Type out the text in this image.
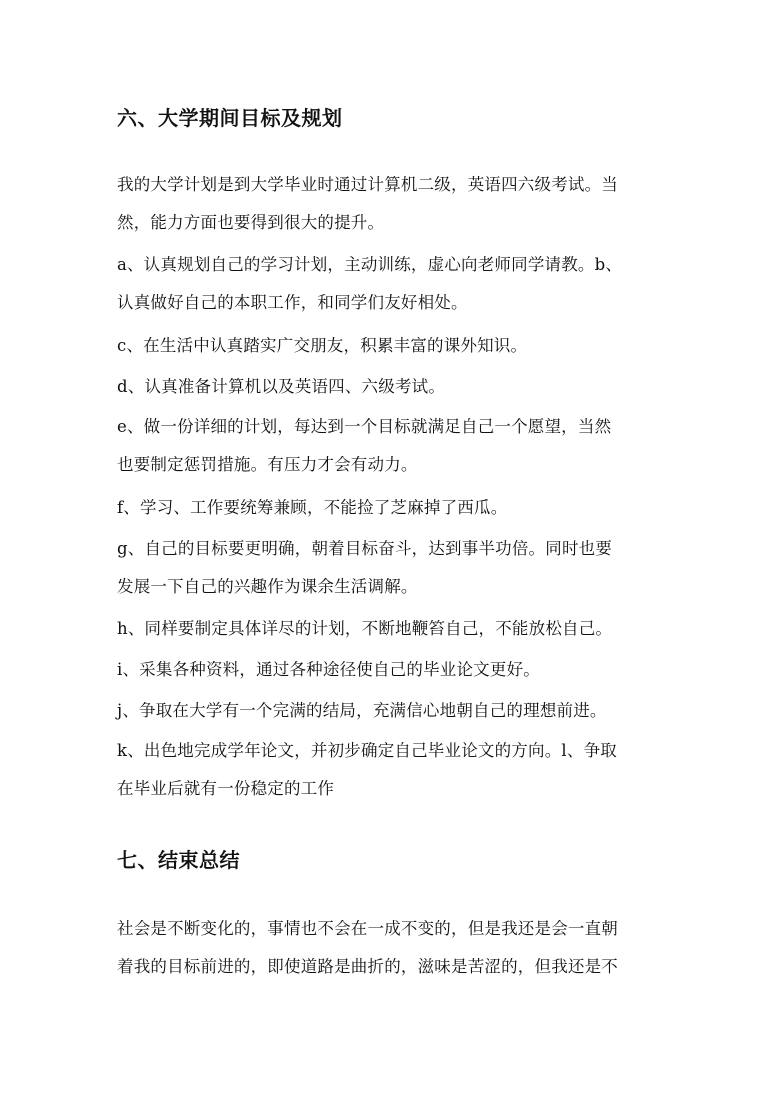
六、大学期间目标及规划

我的大学计划是到大学毕业时通过计算机二级，英语四六级考试。当
然，能力方面也要得到很大的提升。

a、认真规划自己的学习计划，主动训练，虚心向老师同学请教。b、
认真做好自己的本职工作，和同学们友好相处。

c、在生活中认真踏实广交朋友，积累丰富的课外知识。

d、认真准备计算机以及英语四、六级考试。

e、做一份详细的计划，每达到一个目标就满足自己一个愿望，当然
也要制定惩罚措施。有压力才会有动力。

f、学习、工作要统筹兼顾，不能捡了芝麻掉了西瓜。

g、自己的目标要更明确，朝着目标奋斗，达到事半功倍。同时也要
发展一下自己的兴趣作为课余生活调解。

h、同样要制定具体详尽的计划，不断地鞭笞自己，不能放松自己。

i、采集各种资料，通过各种途径使自己的毕业论文更好。

j、争取在大学有一个完满的结局，充满信心地朝自己的理想前进。

k、出色地完成学年论文，并初步确定自己毕业论文的方向。l、争取
在毕业后就有一份稳定的工作

七、结束总结

社会是不断变化的，事情也不会在一成不变的，但是我还是会一直朝
着我的目标前进的，即使道路是曲折的，滋味是苦涩的，但我还是不
